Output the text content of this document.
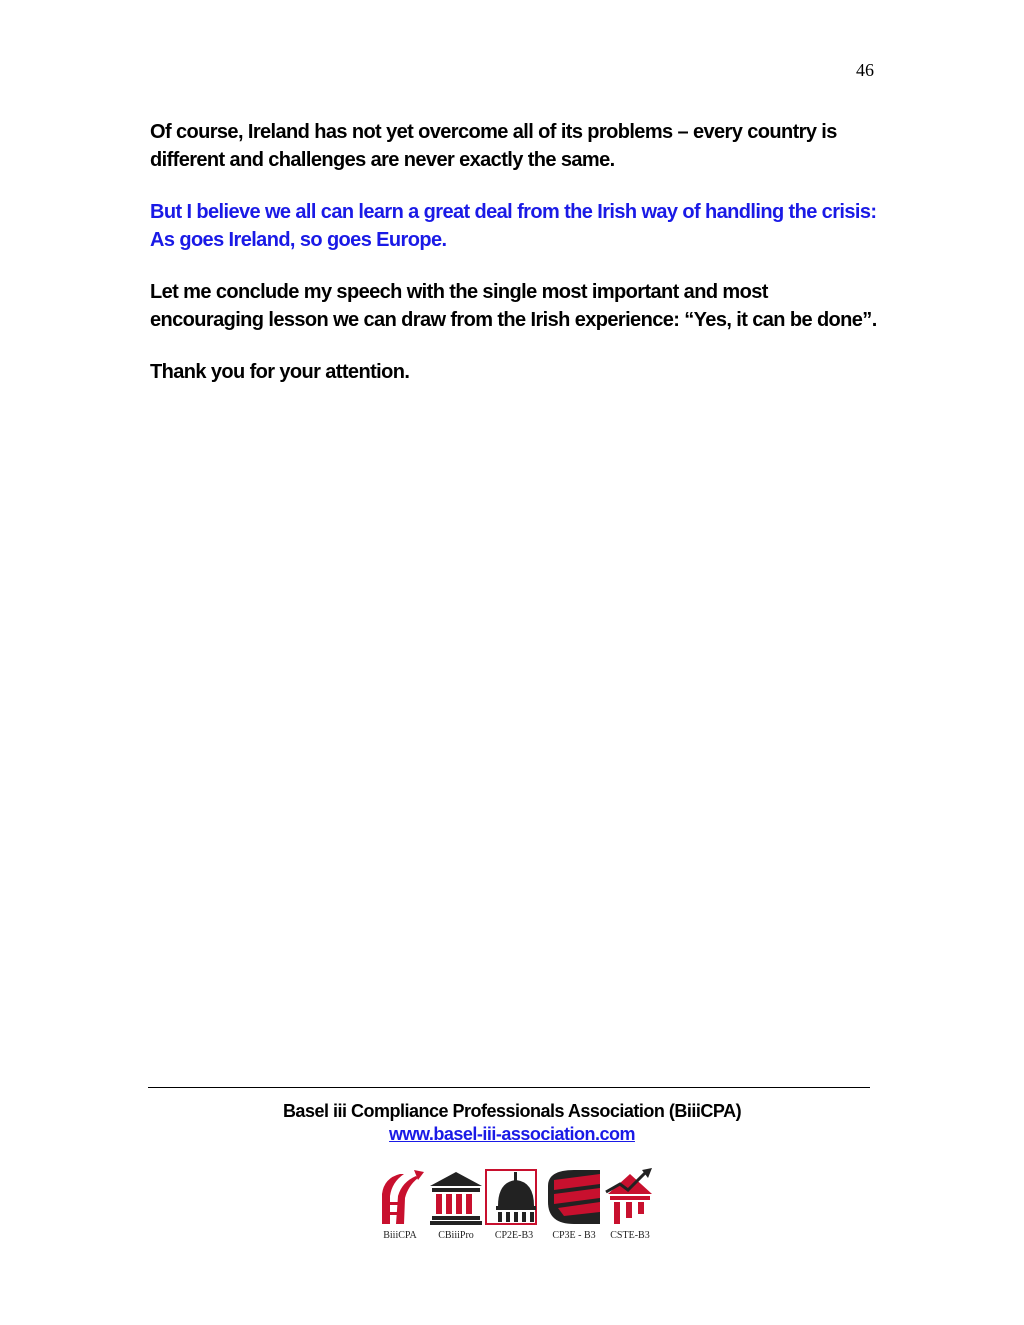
46

Of course, Ireland has not yet overcome all of its problems – every country is different and challenges are never exactly the same.

But I believe we all can learn a great deal from the Irish way of handling the crisis: As goes Ireland, so goes Europe.

Let me conclude my speech with the single most important and most encouraging lesson we can draw from the Irish experience: “Yes, it can be done”.

Thank you for your attention.

Basel iii Compliance Professionals Association (BiiiCPA)
www.basel-iii-association.com
BiiiCPA	CBiiiPro	CP2E-B3	CP3E - B3	CSTE-B3
